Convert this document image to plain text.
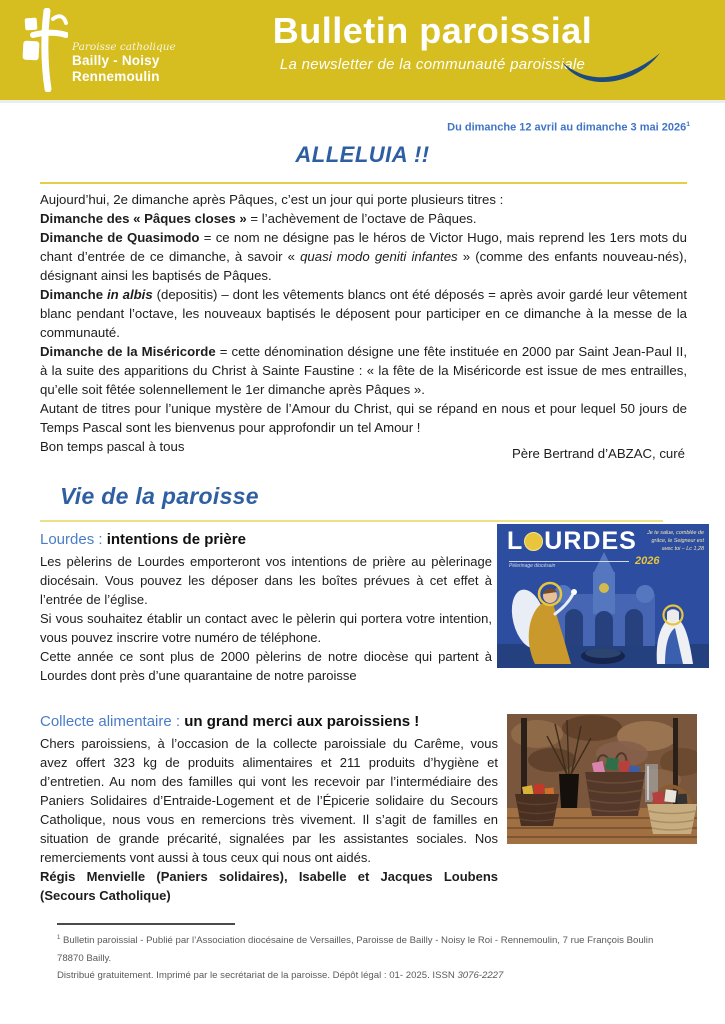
Paroisse catholique
Bailly - Noisy
Rennemoulin
Bulletin paroissial
La newsletter de la communauté paroissiale
Du dimanche 12 avril au dimanche 3 mai 2026$^1$
ALLELUIA !!

Aujourd’hui, 2e dimanche après Pâques, c’est un jour qui porte plusieurs titres :

Dimanche des « Pâques closes » = l’achèvement de l’octave de Pâques.

Dimanche de Quasimodo = ce nom ne désigne pas le héros de Victor Hugo, mais reprend les 1ers mots du chant d’entrée de ce dimanche, à savoir « quasi modo geniti infantes » (comme des enfants nouveau-nés), désignant ainsi les baptisés de Pâques.

Dimanche in albis (depositis) – dont les vêtements blancs ont été déposés = après avoir gardé leur vêtement blanc pendant l’octave, les nouveaux baptisés le déposent pour participer en ce dimanche à la messe de la communauté.

Dimanche de la Miséricorde = cette dénomination désigne une fête instituée en 2000 par Saint Jean-Paul II, à la suite des apparitions du Christ à Sainte Faustine : « la fête de la Miséricorde est issue de mes entrailles, qu’elle soit fêtée solennellement le 1er dimanche après Pâques ».

Autant de titres pour l’unique mystère de l’Amour du Christ, qui se répand en nous et pour lequel 50 jours de Temps Pascal sont les bienvenus pour approfondir un tel Amour !

Bon temps pascal à tous	Père Bertrand d’ABZAC, curé
Vie de la paroisse
Lourdes : intentions de prière

Les pèlerins de Lourdes emporteront vos intentions de prière au pèlerinage diocésain. Vous pouvez les déposer dans les boîtes prévues à cet effet à l’entrée de l’église.

Si vous souhaitez établir un contact avec le pèlerin qui portera votre intention, vous pouvez inscrire votre numéro de téléphone.

Cette année ce sont plus de 2000 pèlerins de notre diocèse qui partent à Lourdes dont près d’une quarantaine de notre paroisse

L URDES
Pèlerinage diocésain	2026
Je te salue, comblée de grâce, le Seigneur est avec toi – Lc 1,28
Collecte alimentaire : un grand merci aux paroissiens !

Chers paroissiens, à l’occasion de la collecte paroissiale du Carême, vous avez offert 323 kg de produits alimentaires et 211 produits d’hygiène et d’entretien. Au nom des familles qui vont les recevoir par l’intermédiaire des Paniers Solidaires d’Entraide-Logement et de l’Épicerie solidaire du Secours Catholique, nous vous en remercions très vivement. Il s’agit de familles en situation de grande précarité, signalées par les assistantes sociales. Nos remerciements vont aussi à tous ceux qui nous ont aidés.

Régis Menvielle (Paniers solidaires), Isabelle et Jacques Loubens (Secours Catholique)

$^1$ Bulletin paroissial - Publié par l’Association diocésaine de Versailles, Paroisse de Bailly - Noisy le Roi - Rennemoulin, 7 rue François Boulin 78870 Bailly.

Distribué gratuitement. Imprimé par le secrétariat de la paroisse. Dépôt légal : 01- 2025. ISSN 3076-2227
